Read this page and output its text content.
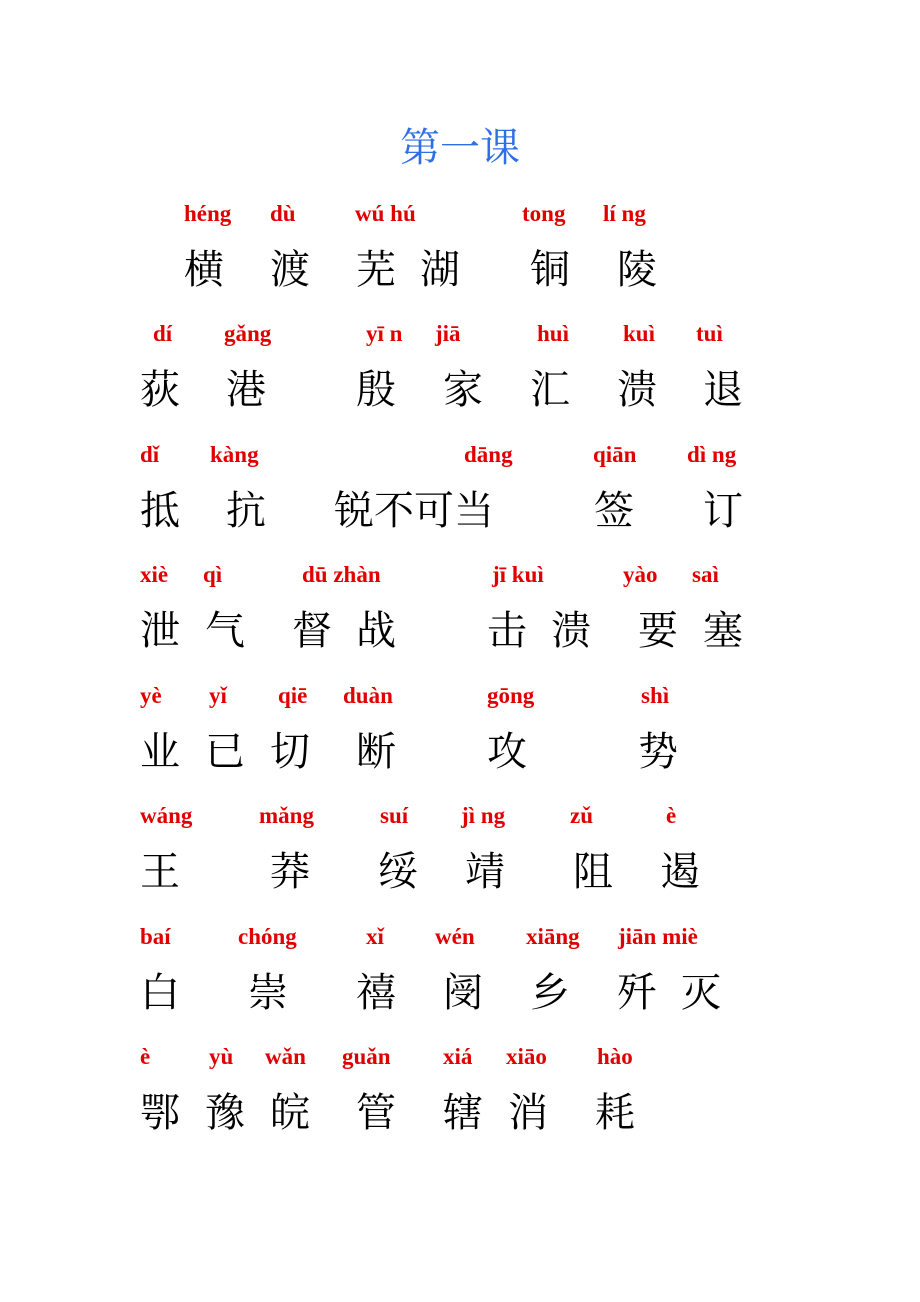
第一课
héng dù	wú hú	tong lí ng
横 渡 芜 湖 铜 陵
dí gǎng	yī n jiā	huì kuì tuì
荻 港 殷 家 汇 溃 退
dǐ kàng	dāng	qiān dì ng
抵 抗 锐不可当	签 订
xiè qì	dū zhàn	jī kuì	yào saì
泄 气 督 战 击 溃 要 塞
yè yǐ qiē duàn	gōng	shì
业 已 切 断 攻	势
wáng	mǎng	suí jì ng	zǔ	è
王 莽 绥 靖 阻 遏
baí	chóng	xǐ wén xiāng jiān miè
白 崇 禧 阌 乡 歼 灭
è	yù wǎn guǎn xiá xiāo hào
鄂 豫 皖 管 辖 消 耗
